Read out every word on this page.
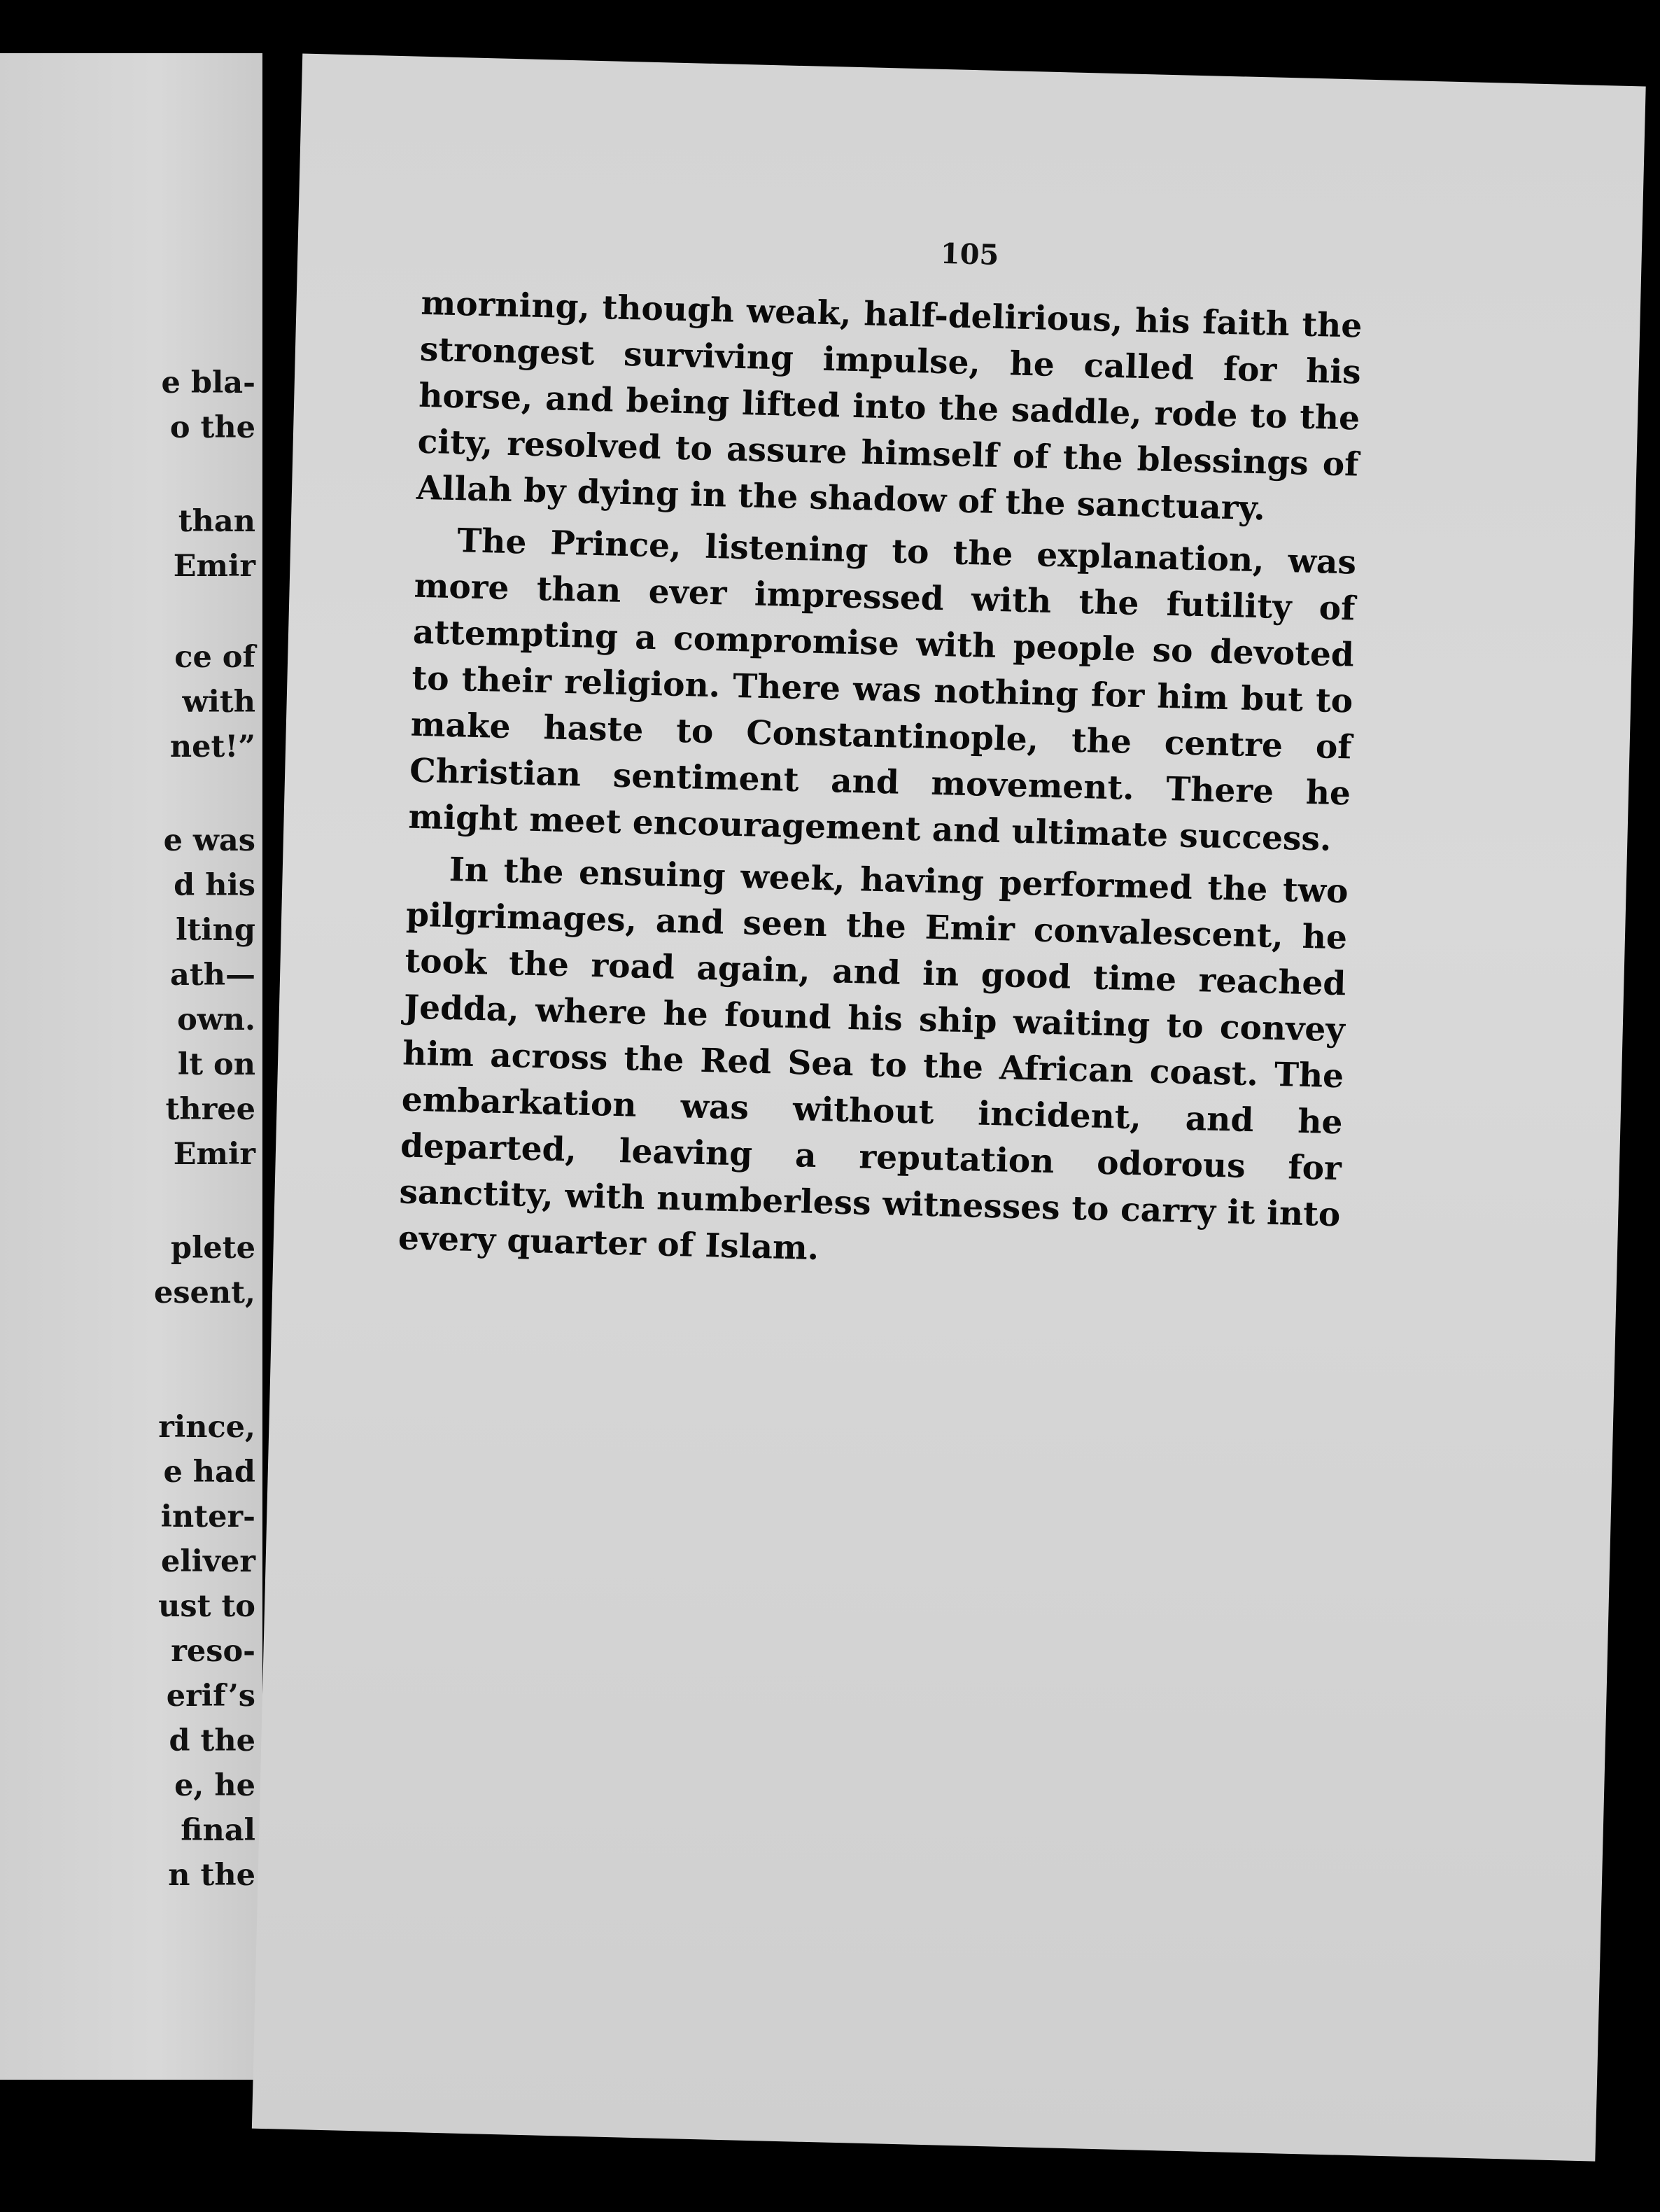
e bla-
o the
than
Emir
ce of
with
net!”
e was
d his
lting
ath—
own.
lt on
three
Emir
plete
esent,
rince,
e had
inter-
eliver
ust to
reso-
erif’s
d the
e, he
final
n the
105

morning, though weak, half-delirious, his faith the strongest surviving impulse, he called for his horse, and being lifted into the saddle, rode to the city, resolved to assure himself of the blessings of Allah by dying in the shadow of the sanctuary.

The Prince, listening to the explanation, was more than ever impressed with the futility of attempting a compromise with people so devoted to their religion. There was nothing for him but to make haste to Constantinople, the centre of Christian sentiment and movement. There he might meet encouragement and ultimate success.

In the ensuing week, having performed the two pilgrimages, and seen the Emir convalescent, he took the road again, and in good time reached Jedda, where he found his ship waiting to convey him across the Red Sea to the African coast. The embarkation was without incident, and he departed, leaving a reputation odorous for sanctity, with numberless witnesses to carry it into every quarter of Islam.
